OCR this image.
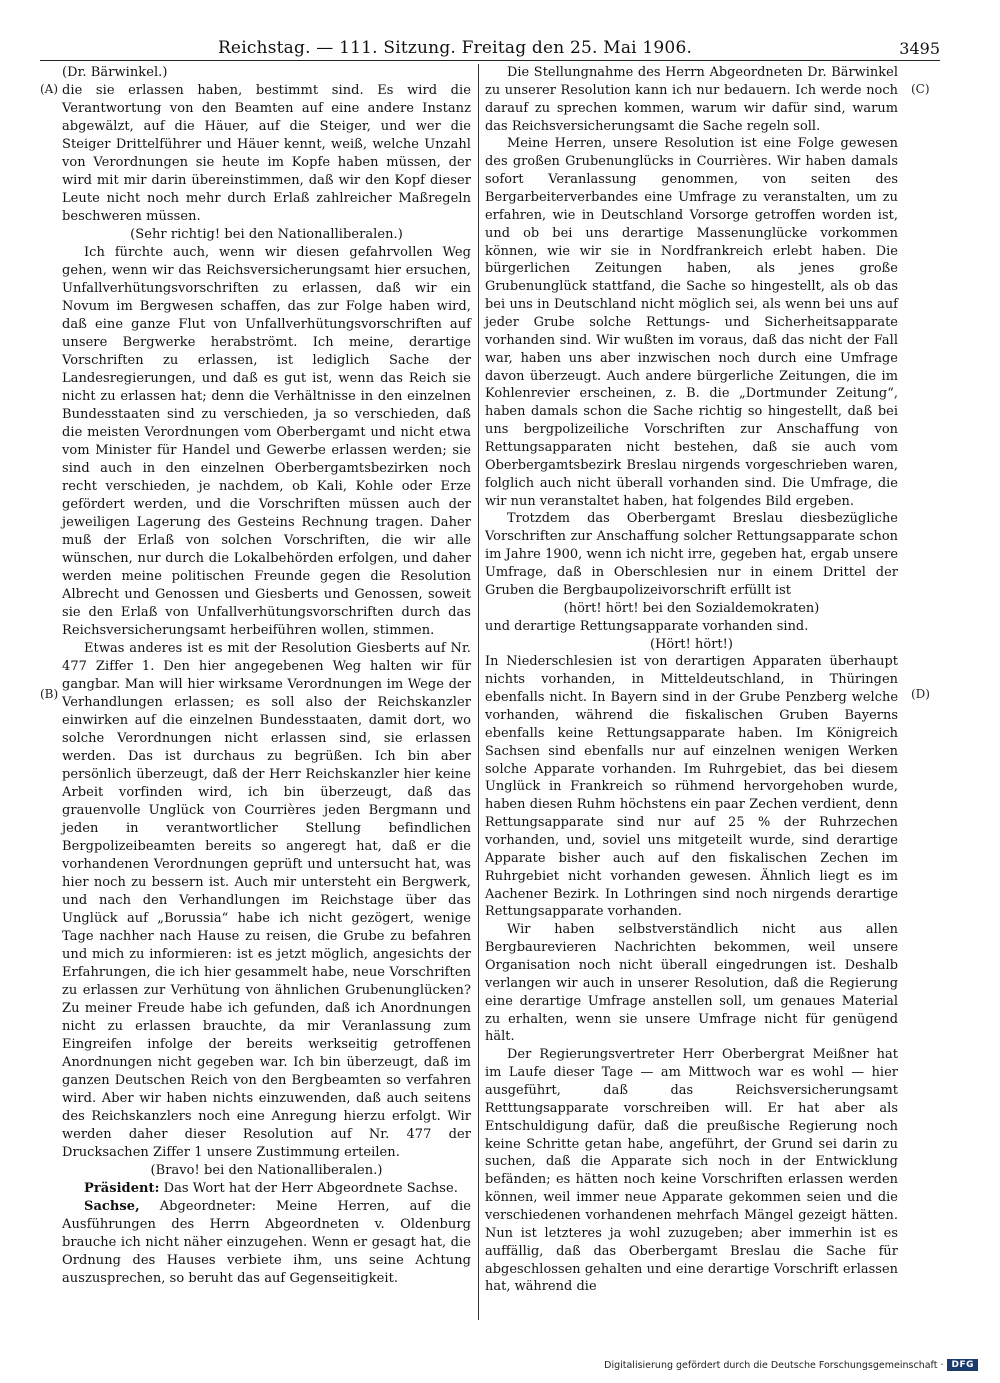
Reichstag. — 111. Sitzung. Freitag den 25. Mai 1906.	3495
(A)
(B)
(C)
(D)

(Dr. Bärwinkel.)

die sie erlassen haben, bestimmt sind. Es wird die Verantwortung von den Beamten auf eine andere Instanz abgewälzt, auf die Häuer, auf die Steiger, und wer die Steiger Drittelführer und Häuer kennt, weiß, welche Unzahl von Verordnungen sie heute im Kopfe haben müssen, der wird mit mir darin übereinstimmen, daß wir den Kopf dieser Leute nicht noch mehr durch Erlaß zahlreicher Maßregeln beschweren müssen.

(Sehr richtig! bei den Nationalliberalen.)

Ich fürchte auch, wenn wir diesen gefahrvollen Weg gehen, wenn wir das Reichsversicherungsamt hier ersuchen, Unfallverhütungsvorschriften zu erlassen, daß wir ein Novum im Bergwesen schaffen, das zur Folge haben wird, daß eine ganze Flut von Unfallverhütungsvorschriften auf unsere Bergwerke herabströmt. Ich meine, derartige Vorschriften zu erlassen, ist lediglich Sache der Landesregierungen, und daß es gut ist, wenn das Reich sie nicht zu erlassen hat; denn die Verhältnisse in den einzelnen Bundesstaaten sind zu verschieden, ja so verschieden, daß die meisten Verordnungen vom Oberbergamt und nicht etwa vom Minister für Handel und Gewerbe erlassen werden; sie sind auch in den einzelnen Oberbergamtsbezirken noch recht verschieden, je nachdem, ob Kali, Kohle oder Erze gefördert werden, und die Vorschriften müssen auch der jeweiligen Lagerung des Gesteins Rechnung tragen. Daher muß der Erlaß von solchen Vorschriften, die wir alle wünschen, nur durch die Lokalbehörden erfolgen, und daher werden meine politischen Freunde gegen die Resolution Albrecht und Genossen und Giesberts und Genossen, soweit sie den Erlaß von Unfallverhütungsvorschriften durch das Reichsversicherungsamt herbeiführen wollen, stimmen.

Etwas anderes ist es mit der Resolution Giesberts auf Nr. 477 Ziffer 1. Den hier angegebenen Weg halten wir für gangbar. Man will hier wirksame Verordnungen im Wege der Verhandlungen erlassen; es soll also der Reichskanzler einwirken auf die einzelnen Bundesstaaten, damit dort, wo solche Verordnungen nicht erlassen sind, sie erlassen werden. Das ist durchaus zu begrüßen. Ich bin aber persönlich überzeugt, daß der Herr Reichskanzler hier keine Arbeit vorfinden wird, ich bin überzeugt, daß das grauenvolle Unglück von Courrières jeden Bergmann und jeden in verantwortlicher Stellung befindlichen Bergpolizeibeamten bereits so angeregt hat, daß er die vorhandenen Verordnungen geprüft und untersucht hat, was hier noch zu bessern ist. Auch mir untersteht ein Bergwerk, und nach den Verhandlungen im Reichstage über das Unglück auf „Borussia“ habe ich nicht gezögert, wenige Tage nachher nach Hause zu reisen, die Grube zu befahren und mich zu informieren: ist es jetzt möglich, angesichts der Erfahrungen, die ich hier gesammelt habe, neue Vorschriften zu erlassen zur Verhütung von ähnlichen Grubenunglücken? Zu meiner Freude habe ich gefunden, daß ich Anordnungen nicht zu erlassen brauchte, da mir Veranlassung zum Eingreifen infolge der bereits werkseitig getroffenen Anordnungen nicht gegeben war. Ich bin überzeugt, daß im ganzen Deutschen Reich von den Bergbeamten so verfahren wird. Aber wir haben nichts einzuwenden, daß auch seitens des Reichskanzlers noch eine Anregung hierzu erfolgt. Wir werden daher dieser Resolution auf Nr. 477 der Drucksachen Ziffer 1 unsere Zustimmung erteilen.

(Bravo! bei den Nationalliberalen.)

Präsident: Das Wort hat der Herr Abgeordnete Sachse.

Sachse, Abgeordneter: Meine Herren, auf die Ausführungen des Herrn Abgeordneten v. Oldenburg brauche ich nicht näher einzugehen. Wenn er gesagt hat, die Ordnung des Hauses verbiete ihm, uns seine Achtung auszusprechen, so beruht das auf Gegenseitigkeit.

Die Stellungnahme des Herrn Abgeordneten Dr. Bärwinkel zu unserer Resolution kann ich nur bedauern. Ich werde noch darauf zu sprechen kommen, warum wir dafür sind, warum das Reichsversicherungsamt die Sache regeln soll.

Meine Herren, unsere Resolution ist eine Folge gewesen des großen Grubenunglücks in Courrières. Wir haben damals sofort Veranlassung genommen, von seiten des Bergarbeiterverbandes eine Umfrage zu veranstalten, um zu erfahren, wie in Deutschland Vorsorge getroffen worden ist, und ob bei uns derartige Massenunglücke vorkommen können, wie wir sie in Nordfrankreich erlebt haben. Die bürgerlichen Zeitungen haben, als jenes große Grubenunglück stattfand, die Sache so hingestellt, als ob das bei uns in Deutschland nicht möglich sei, als wenn bei uns auf jeder Grube solche Rettungs- und Sicherheitsapparate vorhanden sind. Wir wußten im voraus, daß das nicht der Fall war, haben uns aber inzwischen noch durch eine Umfrage davon überzeugt. Auch andere bürgerliche Zeitungen, die im Kohlenrevier erscheinen, z. B. die „Dortmunder Zeitung“, haben damals schon die Sache richtig so hingestellt, daß bei uns bergpolizeiliche Vorschriften zur Anschaffung von Rettungsapparaten nicht bestehen, daß sie auch vom Oberbergamtsbezirk Breslau nirgends vorgeschrieben waren, folglich auch nicht überall vorhanden sind. Die Umfrage, die wir nun veranstaltet haben, hat folgendes Bild ergeben.

Trotzdem das Oberbergamt Breslau diesbezügliche Vorschriften zur Anschaffung solcher Rettungsapparate schon im Jahre 1900, wenn ich nicht irre, gegeben hat, ergab unsere Umfrage, daß in Oberschlesien nur in einem Drittel der Gruben die Bergbaupolizeivorschrift erfüllt ist

(hört! hört! bei den Sozialdemokraten)

und derartige Rettungsapparate vorhanden sind.

(Hört! hört!)

In Niederschlesien ist von derartigen Apparaten überhaupt nichts vorhanden, in Mitteldeutschland, in Thüringen ebenfalls nicht. In Bayern sind in der Grube Penzberg welche vorhanden, während die fiskalischen Gruben Bayerns ebenfalls keine Rettungsapparate haben. Im Königreich Sachsen sind ebenfalls nur auf einzelnen wenigen Werken solche Apparate vorhanden. Im Ruhrgebiet, das bei diesem Unglück in Frankreich so rühmend hervorgehoben wurde, haben diesen Ruhm höchstens ein paar Zechen verdient, denn Rettungsapparate sind nur auf 25 % der Ruhrzechen vorhanden, und, soviel uns mitgeteilt wurde, sind derartige Apparate bisher auch auf den fiskalischen Zechen im Ruhrgebiet nicht vorhanden gewesen. Ähnlich liegt es im Aachener Bezirk. In Lothringen sind noch nirgends derartige Rettungsapparate vorhanden.

Wir haben selbstverständlich nicht aus allen Bergbaurevieren Nachrichten bekommen, weil unsere Organisation noch nicht überall eingedrungen ist. Deshalb verlangen wir auch in unserer Resolution, daß die Regierung eine derartige Umfrage anstellen soll, um genaues Material zu erhalten, wenn sie unsere Umfrage nicht für genügend hält.

Der Regierungsvertreter Herr Oberbergrat Meißner hat im Laufe dieser Tage — am Mittwoch war es wohl — hier ausgeführt, daß das Reichsversicherungsamt Retttungsapparate vorschreiben will. Er hat aber als Entschuldigung dafür, daß die preußische Regierung noch keine Schritte getan habe, angeführt, der Grund sei darin zu suchen, daß die Apparate sich noch in der Entwicklung befänden; es hätten noch keine Vorschriften erlassen werden können, weil immer neue Apparate gekommen seien und die verschiedenen vorhandenen mehrfach Mängel gezeigt hätten. Nun ist letzteres ja wohl zuzugeben; aber immerhin ist es auffällig, daß das Oberbergamt Breslau die Sache für abgeschlossen gehalten und eine derartige Vorschrift erlassen hat, während die

Digitalisierung gefördert durch die Deutsche Forschungsgemeinschaft · DFG
